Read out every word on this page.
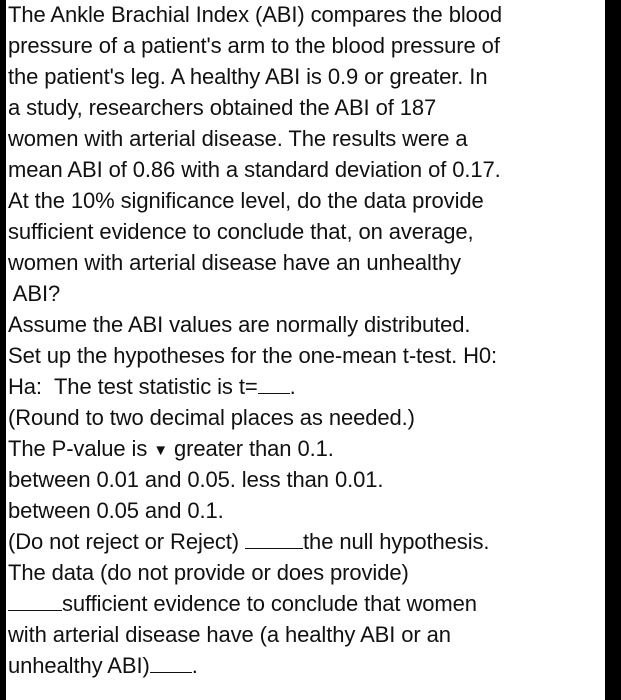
The Ankle Brachial Index (ABI) compares the blood
pressure of a patient's arm to the blood pressure of
the patient's leg. A healthy ABI is 0.9 or greater. In
a study, researchers obtained the ABI of 187
women with arterial disease. The results were a
mean ABI of 0.86 with a standard deviation of 0.17.
At the 10% significance level, do the data provide
sufficient evidence to conclude that, on average,
women with arterial disease have an unhealthy
ABI?
Assume the ABI values are normally distributed.
Set up the hypotheses for the one-mean t-test. H0:
Ha: The test statistic is t= .
(Round to two decimal places as needed.)
The P-value is ▼ greater than 0.1.
between 0.01 and 0.05. less than 0.01.
between 0.05 and 0.1.
(Do not reject or Reject)	the null hypothesis.
The data (do not provide or does provide)
sufficient evidence to conclude that women
with arterial disease have (a healthy ABI or an
unhealthy ABI) .
